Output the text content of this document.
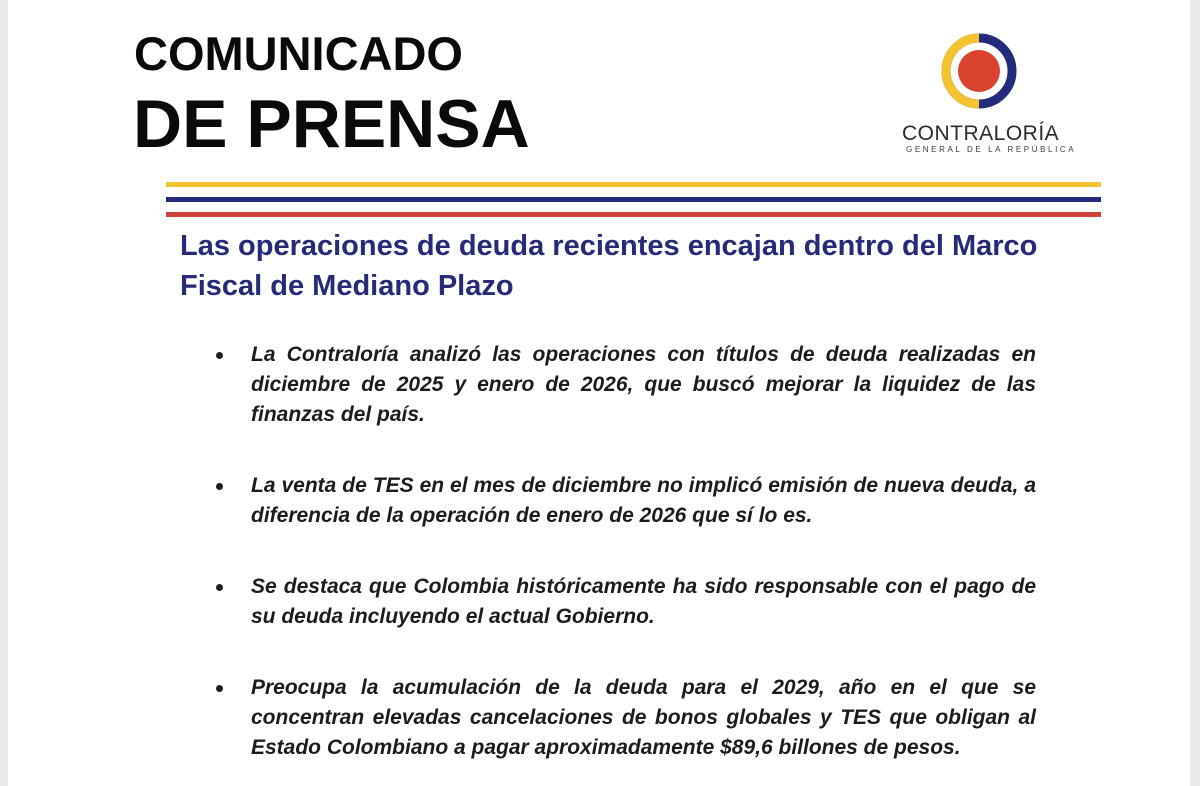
COMUNICADO
DE PRENSA	CONTRALORÍA
GENERAL DE LA REPÚBLICA
Las operaciones de deuda recientes encajan dentro del Marco Fiscal de Mediano Plazo
La Contraloría analizó las operaciones con títulos de deuda realizadas en diciembre de 2025 y enero de 2026, que buscó mejorar la liquidez de las finanzas del país.
La venta de TES en el mes de diciembre no implicó emisión de nueva deuda, a diferencia de la operación de enero de 2026 que sí lo es.
Se destaca que Colombia históricamente ha sido responsable con el pago de su deuda incluyendo el actual Gobierno.
Preocupa la acumulación de la deuda para el 2029, año en el que se concentran elevadas cancelaciones de bonos globales y TES que obligan al Estado Colombiano a pagar aproximadamente $89,6 billones de pesos.
